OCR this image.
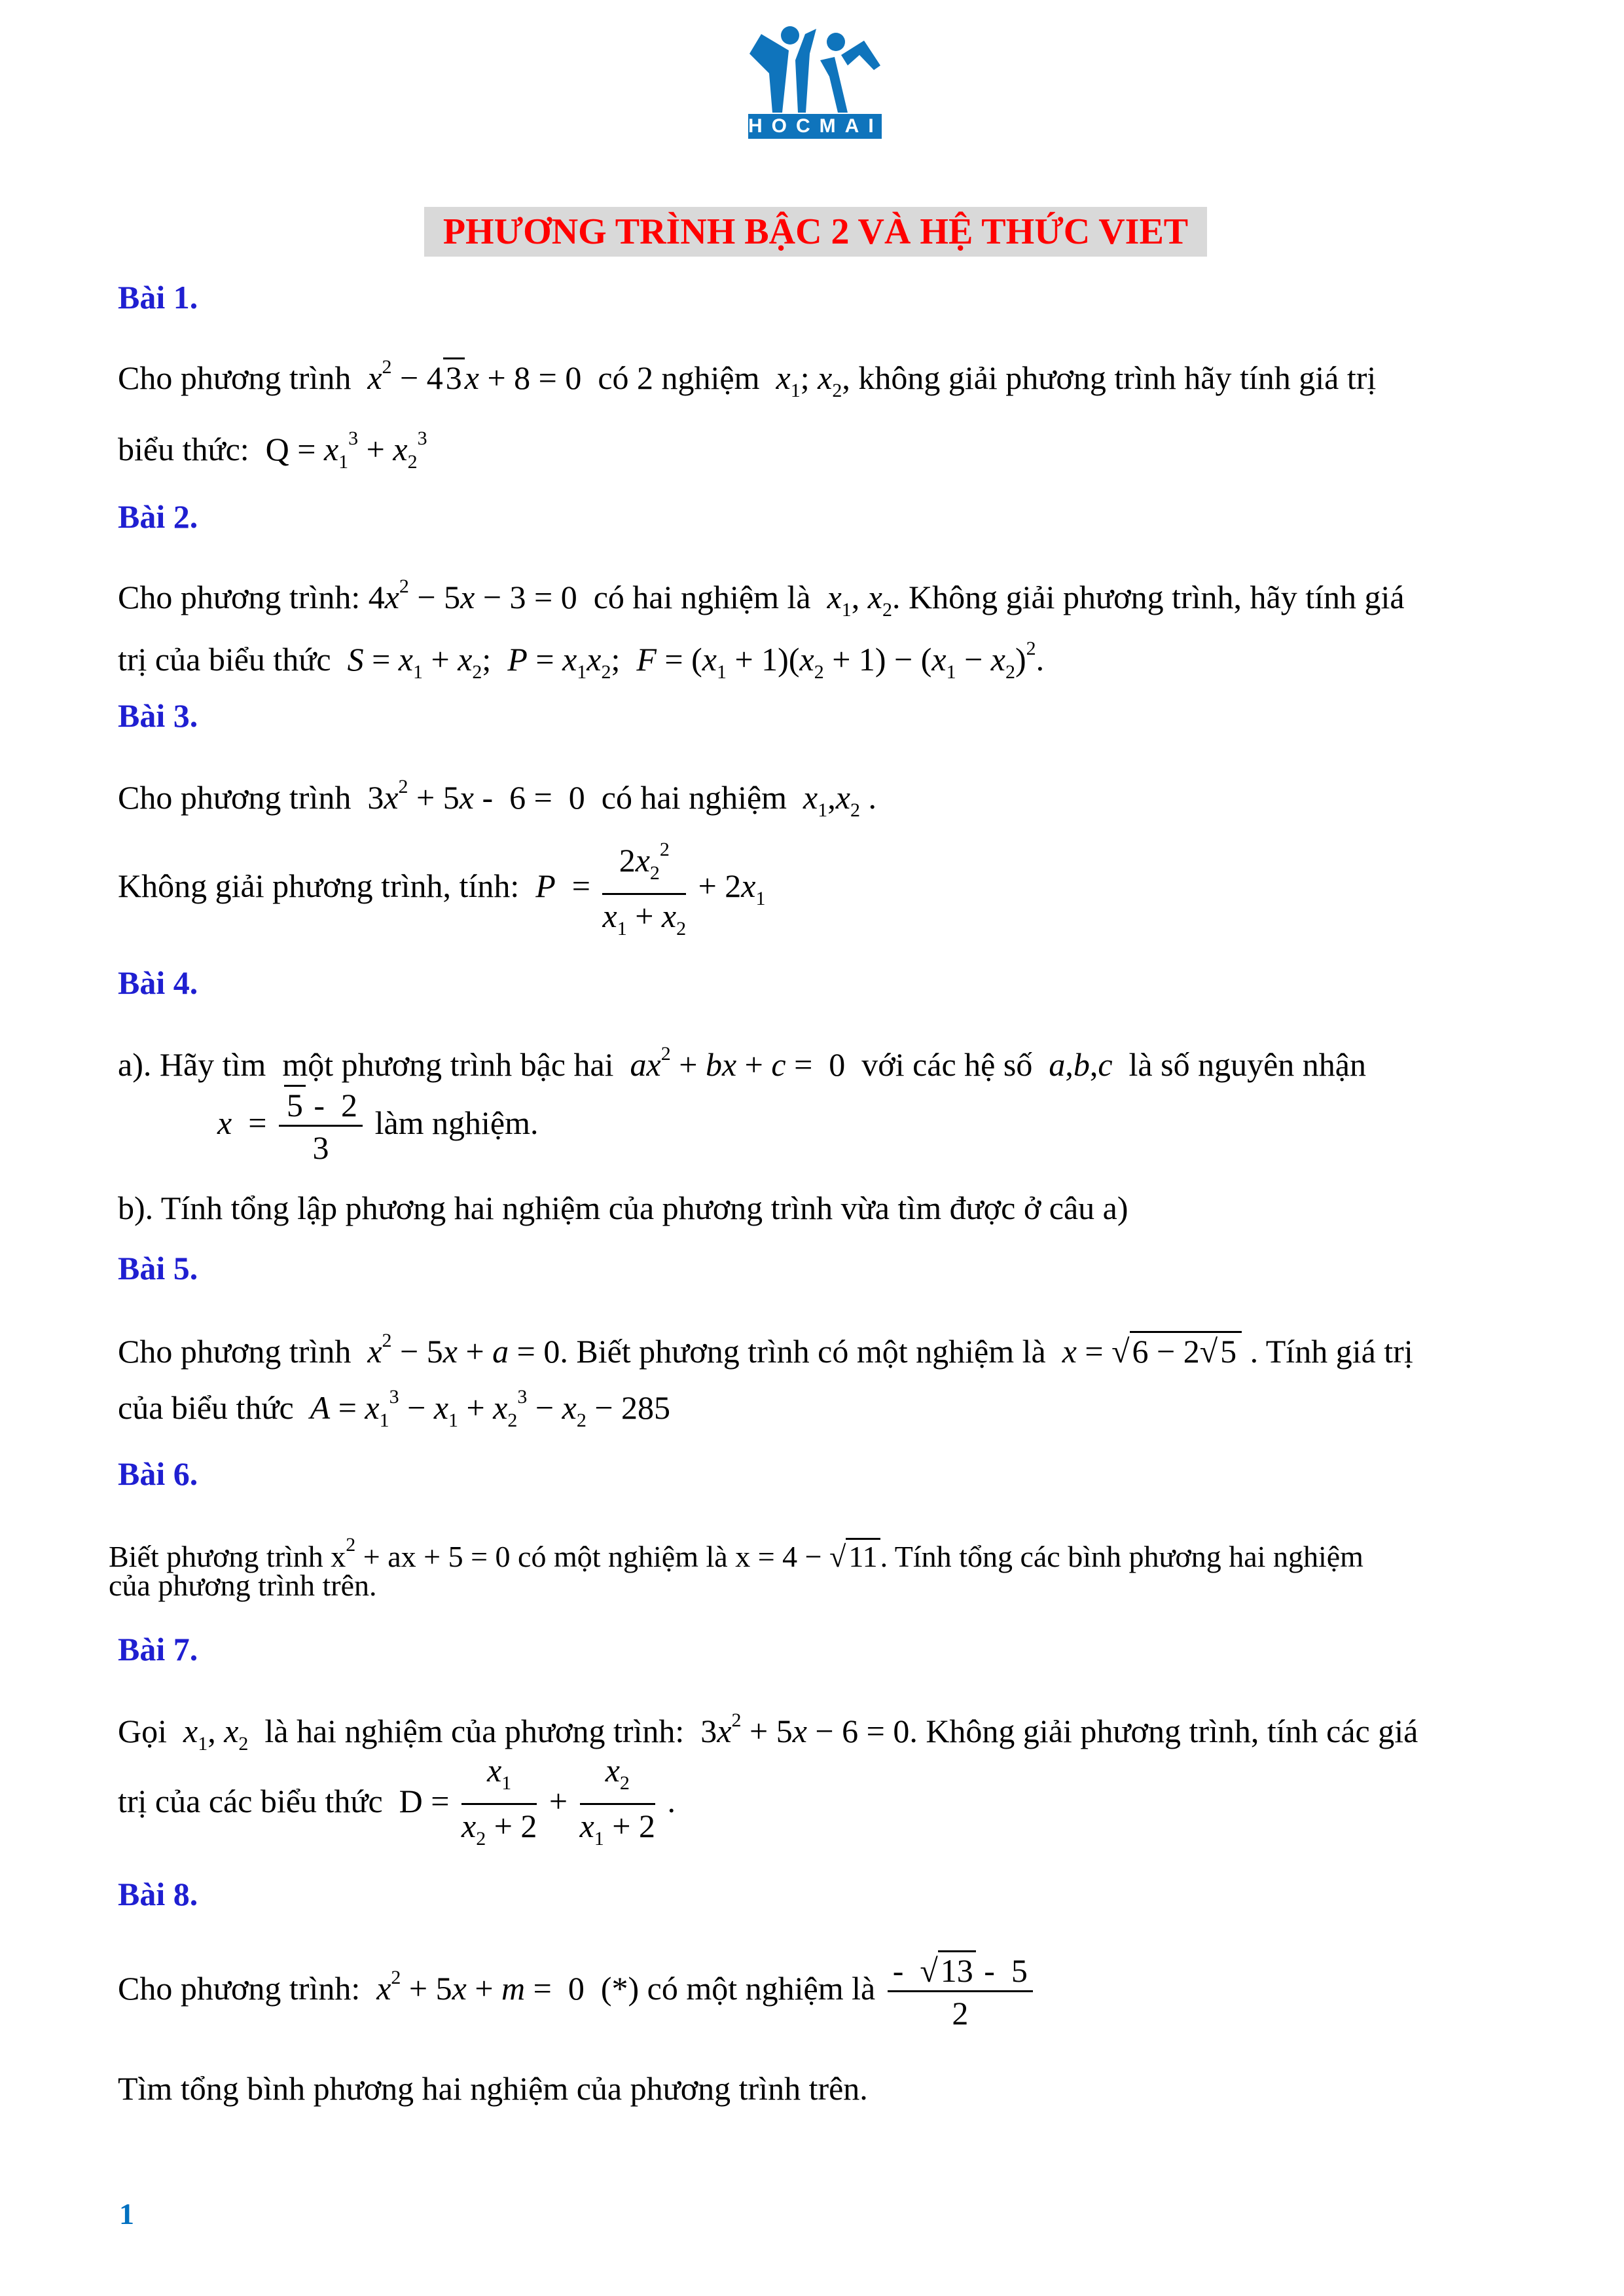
HOCMAI
PHƯƠNG TRÌNH BẬC 2 VÀ HỆ THỨC VIET
Bài 1.
Cho phương trình  $x^2 - 43x + 8 = 0$  có 2 nghiệm  $x_1$; $x_2$, không giải phương trình hãy tính giá trị
biểu thức:  $Q = x_1^3 + x_2^3$
Bài 2.
Cho phương trình: $4x^2 - 5x - 3 = 0$  có hai nghiệm là  $x_1$, $x_2$. Không giải phương trình, hãy tính giá
trị của biểu thức  $S = x_1 + x_2$;  $P = x_1x_2$;  $F = (x_1 + 1)(x_2 + 1) - (x_1 - x_2)^2$.
Bài 3.
Cho phương trình  $3x^2 + 5x - 6 = 0$  có hai nghiệm  $x_1,x_2$ .
Không giải phương trình, tính:  $P = \frac{2x_2^2}{x_1 + x_2} + 2x_1$
Bài 4.
a). Hãy tìm  một phương trình bậc hai  $ax^2$ + bx + c =  0  với các hệ số  a,b,c  là số nguyên nhận
$x = \frac{5 - 2}{3}$ làm nghiệm.
b). Tính tổng lập phương hai nghiệm của phương trình vừa tìm được ở câu a)
Bài 5.
Cho phương trình  $x^2 - 5x + a = 0$. Biết phương trình có một nghiệm là  x = √6 − 2√5 . Tính giá trị
của biểu thức  $A = x_1^3 - x_1 + x_2^3 - x_2 - 285$
Bài 6.
Biết phương trình $x^2$ + ax + 5 = 0 có một nghiệm là x = 4 − √11. Tính tổng các bình phương hai nghiệm
của phương trình trên.
Bài 7.
Gọi  $x_1$, $x_2$  là hai nghiệm của phương trình:  $3x^2 + 5x - 6 = 0$. Không giải phương trình, tính các giá
trị của các biểu thức  $D = \frac{x_1}{x_2 + 2} + \frac{x_2}{x_1 + 2}$ .
Bài 8.
Cho phương trình:  $x^2 + 5x + m = 0$  (*) có một nghiệm là $\frac{- √13 - 5}{2}$
Tìm tổng bình phương hai nghiệm của phương trình trên.
1
